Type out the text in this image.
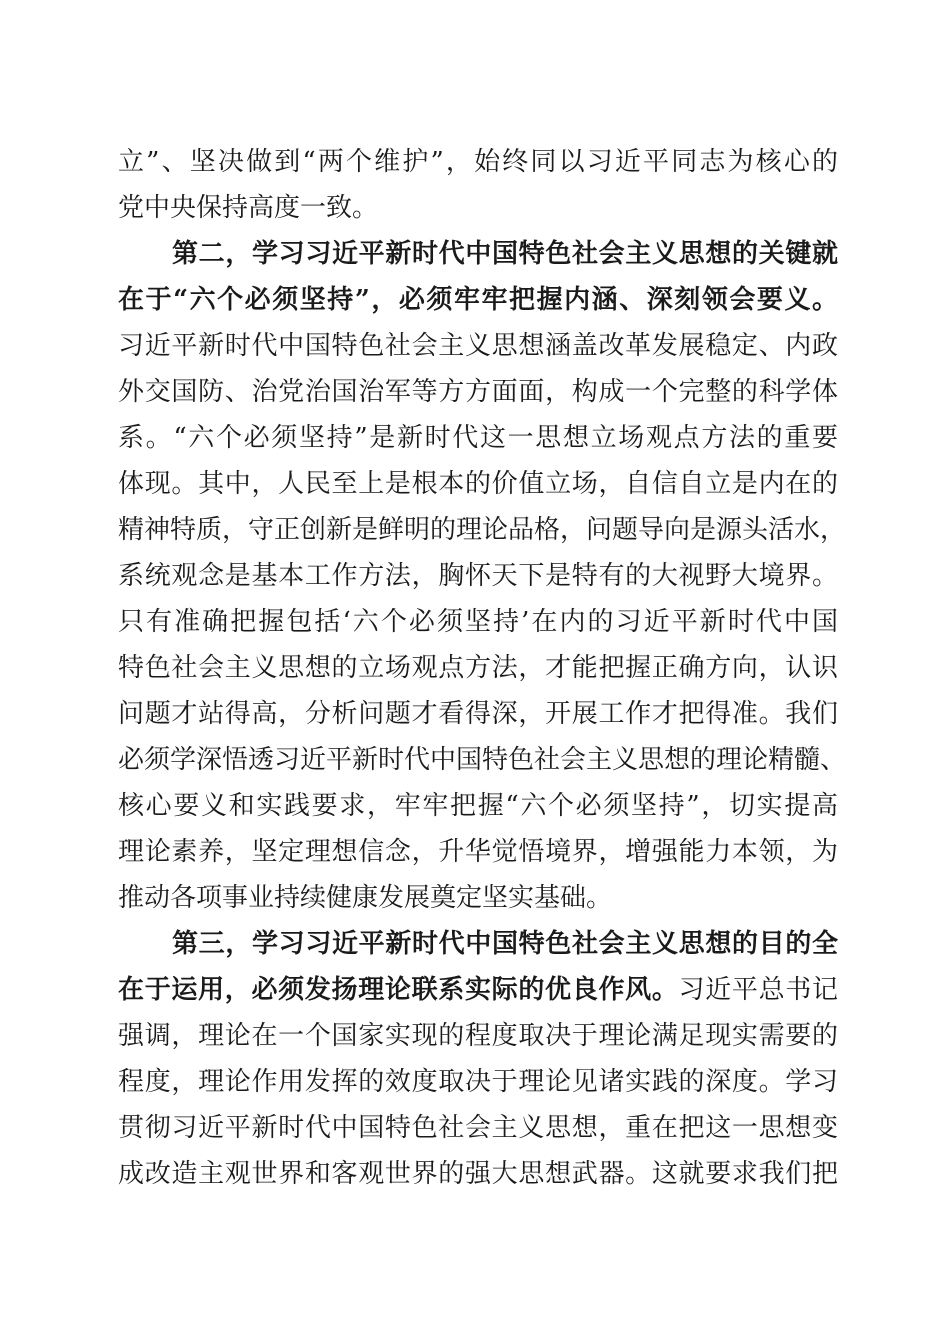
立”、坚决做到“两个维护”，始终同以习近平同志为核心的
党中央保持高度一致。
第二，学习习近平新时代中国特色社会主义思想的关键就
在于“六个必须坚持”，必须牢牢把握内涵、深刻领会要义。
习近平新时代中国特色社会主义思想涵盖改革发展稳定、内政
外交国防、治党治国治军等方方面面，构成一个完整的科学体
系。“六个必须坚持”是新时代这一思想立场观点方法的重要
体现。其中，人民至上是根本的价值立场，自信自立是内在的
精神特质，守正创新是鲜明的理论品格，问题导向是源头活水，
系统观念是基本工作方法，胸怀天下是特有的大视野大境界。
只有准确把握包括‘六个必须坚持’在内的习近平新时代中国
特色社会主义思想的立场观点方法，才能把握正确方向，认识
问题才站得高，分析问题才看得深，开展工作才把得准。我们
必须学深悟透习近平新时代中国特色社会主义思想的理论精髓、
核心要义和实践要求，牢牢把握“六个必须坚持”，切实提高
理论素养，坚定理想信念，升华觉悟境界，增强能力本领，为
推动各项事业持续健康发展奠定坚实基础。
第三，学习习近平新时代中国特色社会主义思想的目的全
在于运用，必须发扬理论联系实际的优良作风。习近平总书记
强调，理论在一个国家实现的程度取决于理论满足现实需要的
程度，理论作用发挥的效度取决于理论见诸实践的深度。学习
贯彻习近平新时代中国特色社会主义思想，重在把这一思想变
成改造主观世界和客观世界的强大思想武器。这就要求我们把
